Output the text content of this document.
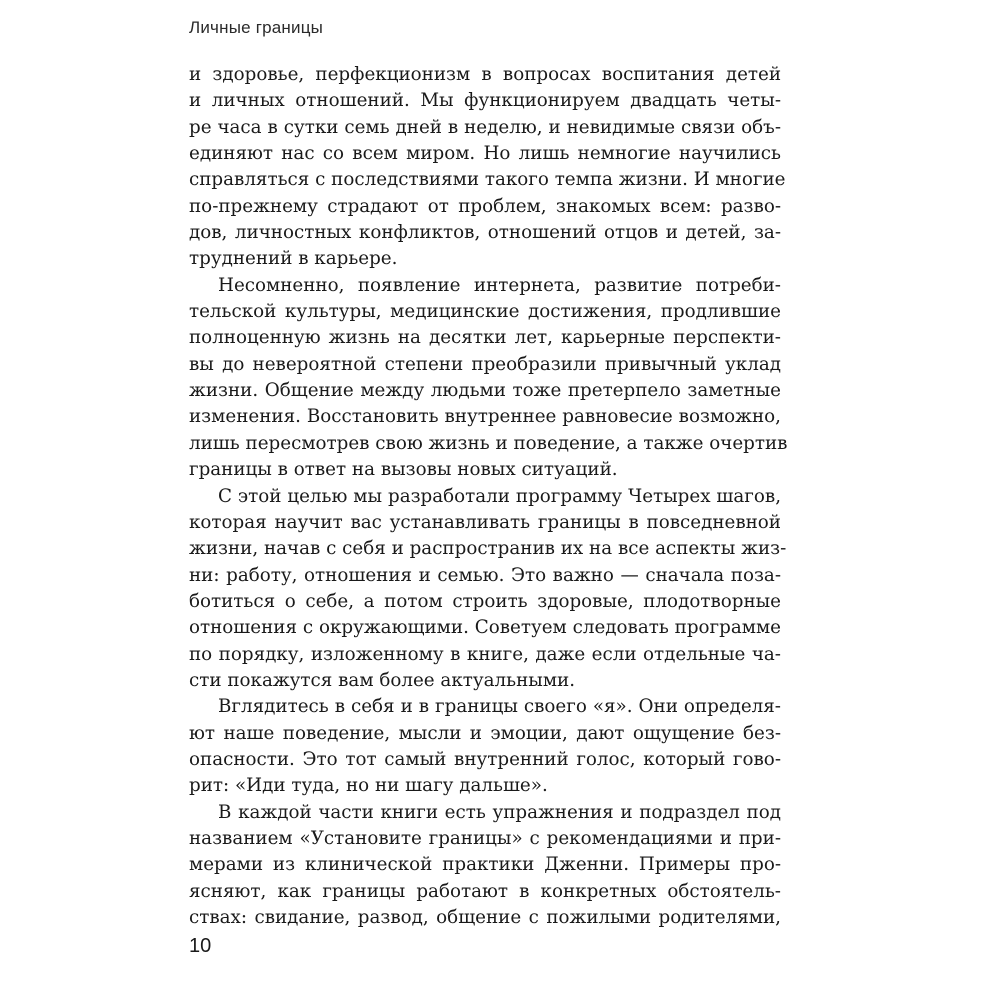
Личные границы
и здоровье, перфекционизм в вопросах воспитания детей
и личных отношений. Мы функционируем двадцать четы-
ре часа в сутки семь дней в неделю, и невидимые связи объ-
единяют нас со всем миром. Но лишь немногие научились
справляться с последствиями такого темпа жизни. И многие
по-прежнему страдают от проблем, знакомых всем: разво-
дов, личностных конфликтов, отношений отцов и детей, за-
труднений в карьере.
Несомненно, появление интернета, развитие потреби-
тельской культуры, медицинские достижения, продлившие
полноценную жизнь на десятки лет, карьерные перспекти-
вы до невероятной степени преобразили привычный уклад
жизни. Общение между людьми тоже претерпело заметные
изменения. Восстановить внутреннее равновесие возможно,
лишь пересмотрев свою жизнь и поведение, а также очертив
границы в ответ на вызовы новых ситуаций.
С этой целью мы разработали программу Четырех шагов,
которая научит вас устанавливать границы в повседневной
жизни, начав с себя и распространив их на все аспекты жиз-
ни: работу, отношения и семью. Это важно — сначала поза-
ботиться о себе, а потом строить здоровые, плодотворные
отношения с окружающими. Советуем следовать программе
по порядку, изложенному в книге, даже если отдельные ча-
сти покажутся вам более актуальными.
Вглядитесь в себя и в границы своего «я». Они определя-
ют наше поведение, мысли и эмоции, дают ощущение без-
опасности. Это тот самый внутренний голос, который гово-
рит: «Иди туда, но ни шагу дальше».
В каждой части книги есть упражнения и подраздел под
названием «Установите границы» с рекомендациями и при-
мерами из клинической практики Дженни. Примеры про-
ясняют, как границы работают в конкретных обстоятель-
ствах: свидание, развод, общение с пожилыми родителями,
10
